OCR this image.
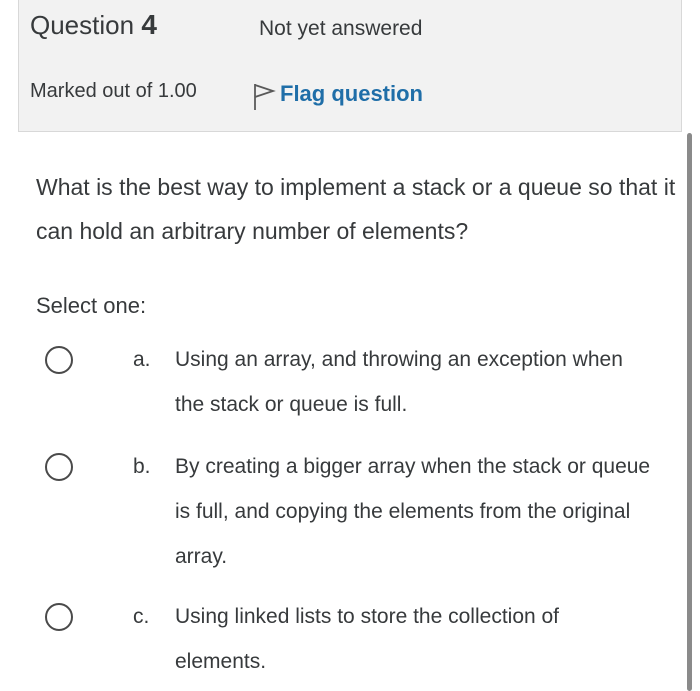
Question 4	Not yet answered
Marked out of 1.00	Flag question
What is the best way to implement a stack or a queue so that it can hold an arbitrary number of elements?
Select one:
a. Using an array, and throwing an exception when the stack or queue is full.
b. By creating a bigger array when the stack or queue is full, and copying the elements from the original array.
c. Using linked lists to store the collection of elements.
